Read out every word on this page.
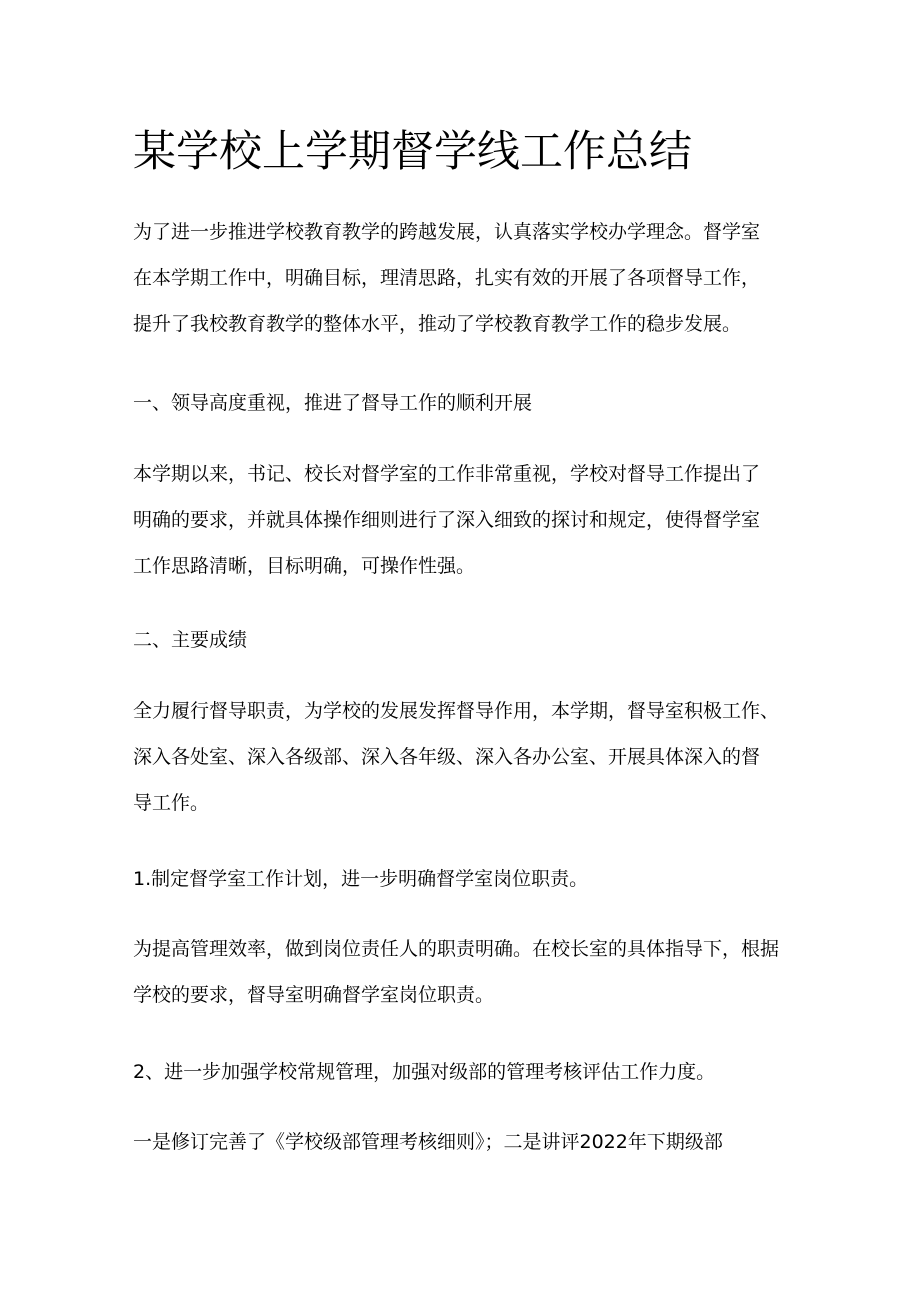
某学校上学期督学线工作总结
为了进一步推进学校教育教学的跨越发展，认真落实学校办学理念。督学室
在本学期工作中，明确目标，理清思路，扎实有效的开展了各项督导工作，
提升了我校教育教学的整体水平，推动了学校教育教学工作的稳步发展。
一、领导高度重视，推进了督导工作的顺利开展
本学期以来，书记、校长对督学室的工作非常重视，学校对督导工作提出了
明确的要求，并就具体操作细则进行了深入细致的探讨和规定，使得督学室
工作思路清晰，目标明确，可操作性强。
二、主要成绩
全力履行督导职责，为学校的发展发挥督导作用，本学期，督导室积极工作、
深入各处室、深入各级部、深入各年级、深入各办公室、开展具体深入的督
导工作。
1.制定督学室工作计划，进一步明确督学室岗位职责。
为提高管理效率，做到岗位责任人的职责明确。在校长室的具体指导下，根据
学校的要求，督导室明确督学室岗位职责。
2、进一步加强学校常规管理，加强对级部的管理考核评估工作力度。
一是修订完善了《学校级部管理考核细则》；二是讲评2022年下期级部
